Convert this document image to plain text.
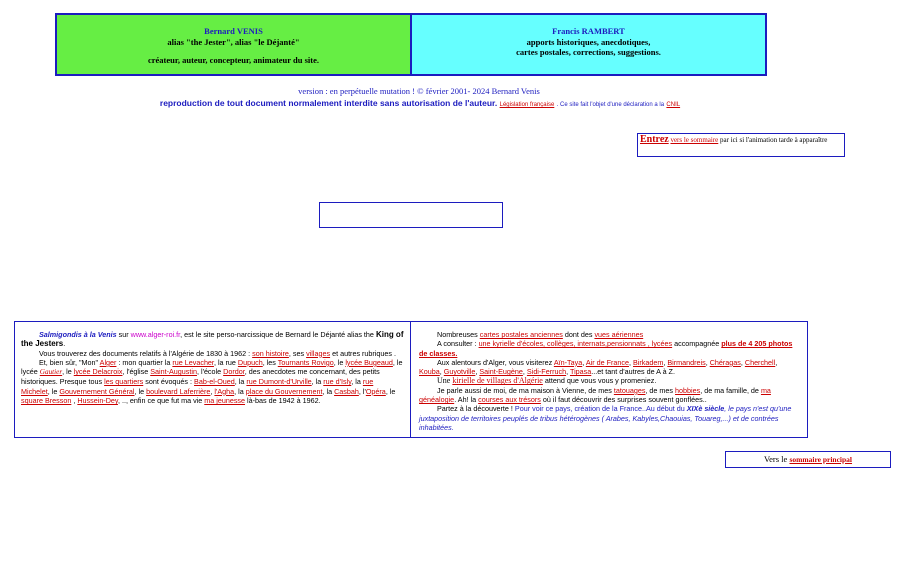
Bernard VENIS
alias "the Jester", alias "le Déjanté"
créateur, auteur, concepteur, animateur du site.
Francis RAMBERT
apports historiques, anecdotiques,
cartes postales, corrections, suggestions.
version : en perpétuelle mutation ! © février 2001- 2024 Bernard Venis
reproduction de tout document normalement interdite sans autorisation de l'auteur. Législation française . Ce site fait l'objet d'une déclaration a la CNIL
Entrez vers le sommaire par ici si l'animation tarde à apparaître
Salmigondis à la Venis sur www.alger-roi.fr, est le site perso-narcissique de Bernard le Déjanté alias the King of the Jesters.
Vous trouverez des documents relatifs à l'Algérie de 1830 à 1962 : son histoire, ses villages et autres rubriques .
Et, bien sûr, "Mon" Alger : mon quartier la rue Levacher, la rue Dupuch, les Tournants Rovigo, le lycée Bugeaud, le lycée Gautier, le lycée Delacroix, l'église Saint-Augustin, l'école Dordor, des anecdotes me concernant, des petits historiques. Presque tous les quartiers sont évoqués : Bab-el-Oued, la rue Dumont-d'Urville, la rue d'Isly, la rue Michelet, le Gouvernement Général, le boulevard Laferrière, l'Agha, la place du Gouvernement, la Casbah, l'Opéra, le square Bresson , Hussein-Dey, .., enfin ce que fut ma vie ma jeunesse là-bas de 1942 à 1962.
Nombreuses cartes postales anciennes dont des vues aériennes
A consulter : une kyrielle d'écoles, collèges, internats,pensionnats , lycées accompagnée plus de 4 205 photos de classes.
Aux alentours d'Alger, vous visiterez Aïn-Taya, Air de France, Birkadem, Birmandreis, Chéragas, Cherchell, Kouba, Guyotville, Saint-Eugène, Sidi-Ferruch, Tipasa...et tant d'autres de A à Z.
Une kirielle de villages d'Algérie attend que vous vous y promeniez.
Je parle aussi de moi, de ma maison à Vienne, de mes tatouages, de mes hobbies, de ma famille, de ma généalogie. Ah! la courses aux trésors où il faut découvrir des surprises souvent gonflées..
Partez à la découverte ! Pour voir ce pays, création de la France..Au début du XIXè siècle, le pays n'est qu'une juxtaposition de territoires peuplés de tribus hétérogènes ( Arabes, Kabyles,Chaouias, Touareg,...) et de contrées inhabitées.
Vers le sommaire principal
